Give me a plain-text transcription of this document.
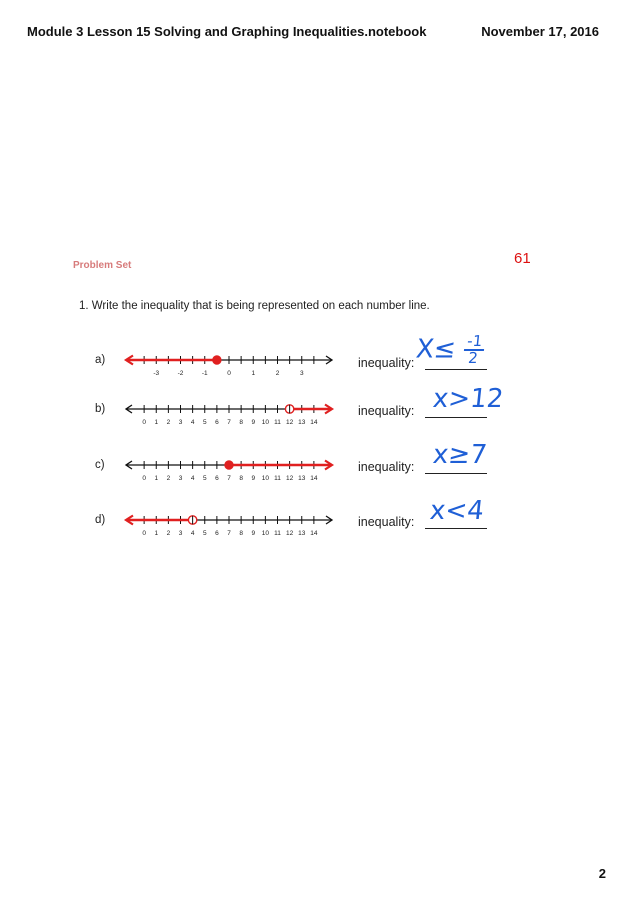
Module 3 Lesson 15 Solving and Graphing Inequalities.notebook	November 17, 2016
Problem Set	61
1. Write the inequality that is being represented on each number line.
a)
-3	-2	-1	0	1	2	3
inequality: $X\le \frac{-1}{2}$
b)
0 1 2 3 4 5 6 7 8 9 10 11 12 13 14
inequality: x>12
c)
0 1 2 3 4 5 6 7 8 9 10 11 12 13 14
inequality: x≥7
d)
0 1 2 3 4 5 6 7 8 9 10 11 12 13 14
inequality: x<4
2
